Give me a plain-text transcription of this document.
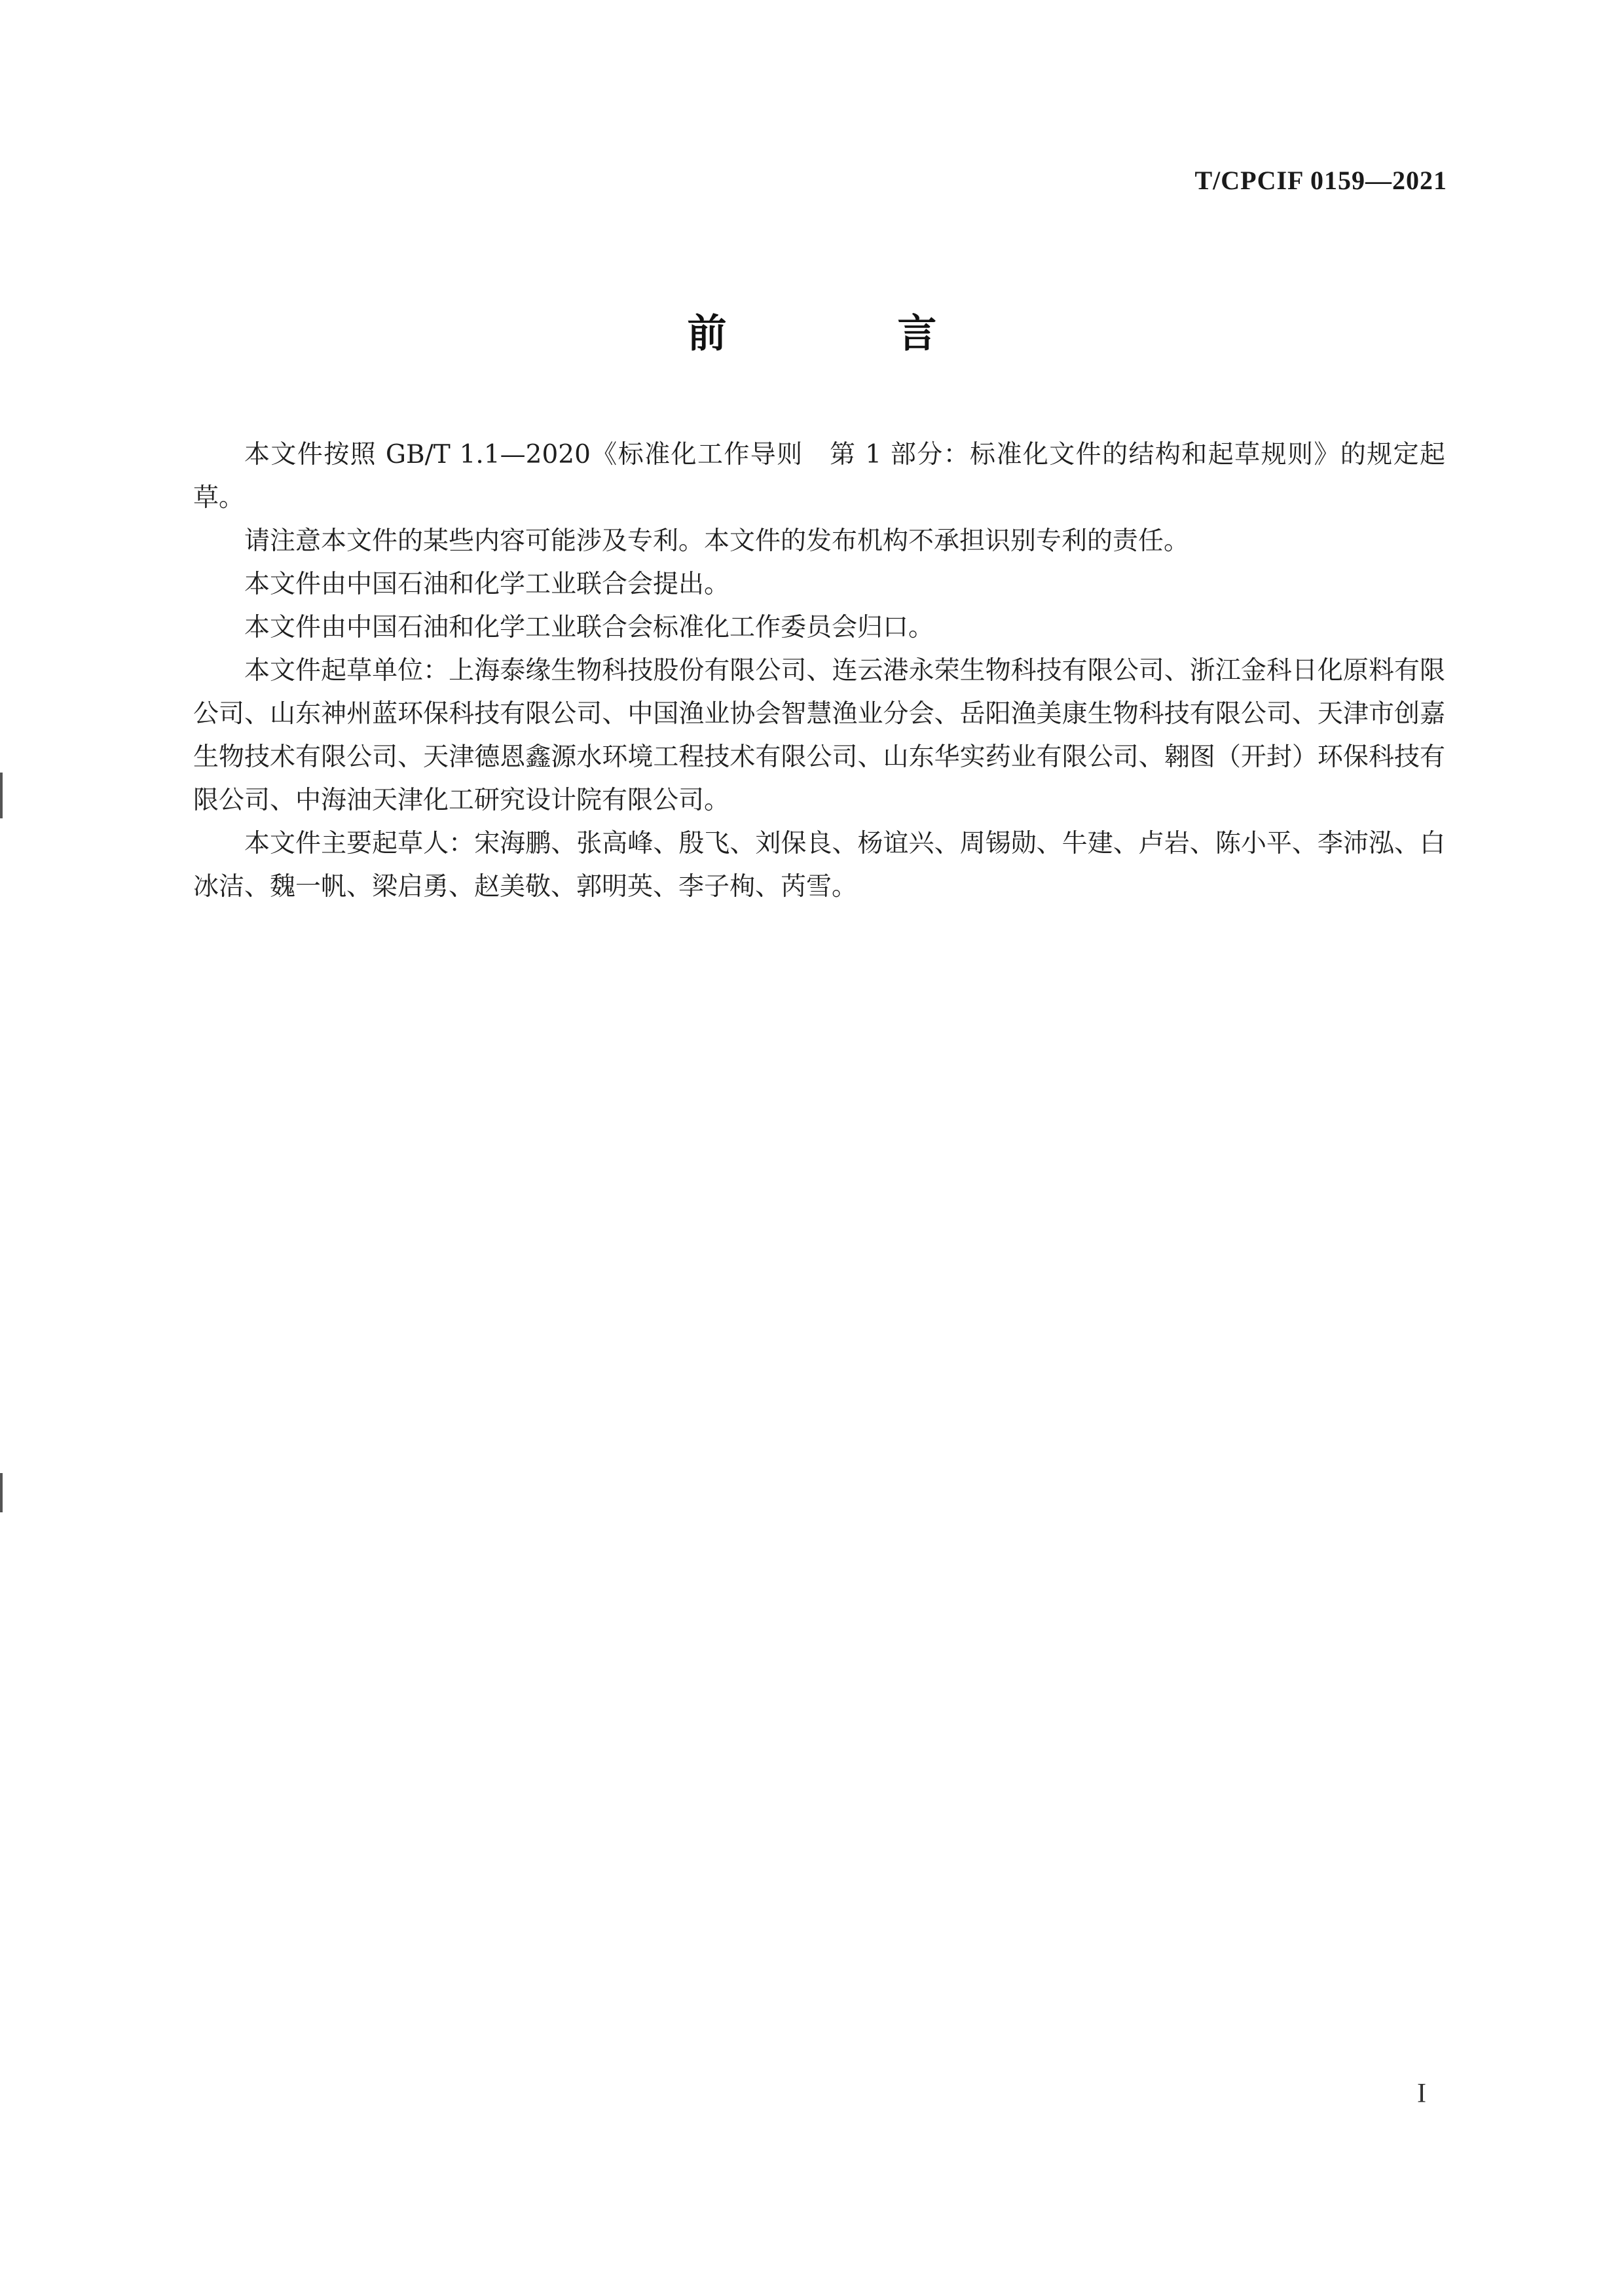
T/CPCIF 0159—2021
前 言

本文件按照 GB/T 1.1—2020《标准化工作导则　第 1 部分：标准化文件的结构和起草规则》的规定起草。

请注意本文件的某些内容可能涉及专利。本文件的发布机构不承担识别专利的责任。

本文件由中国石油和化学工业联合会提出。

本文件由中国石油和化学工业联合会标准化工作委员会归口。

本文件起草单位：上海泰缘生物科技股份有限公司、连云港永荣生物科技有限公司、浙江金科日化原料有限公司、山东神州蓝环保科技有限公司、中国渔业协会智慧渔业分会、岳阳渔美康生物科技有限公司、天津市创嘉生物技术有限公司、天津德恩鑫源水环境工程技术有限公司、山东华实药业有限公司、翱图（开封）环保科技有限公司、中海油天津化工研究设计院有限公司。

本文件主要起草人：宋海鹏、张高峰、殷飞、刘保良、杨谊兴、周锡勋、牛建、卢岩、陈小平、李沛泓、白冰洁、魏一帆、梁启勇、赵美敬、郭明英、李子栒、芮雪。

I
